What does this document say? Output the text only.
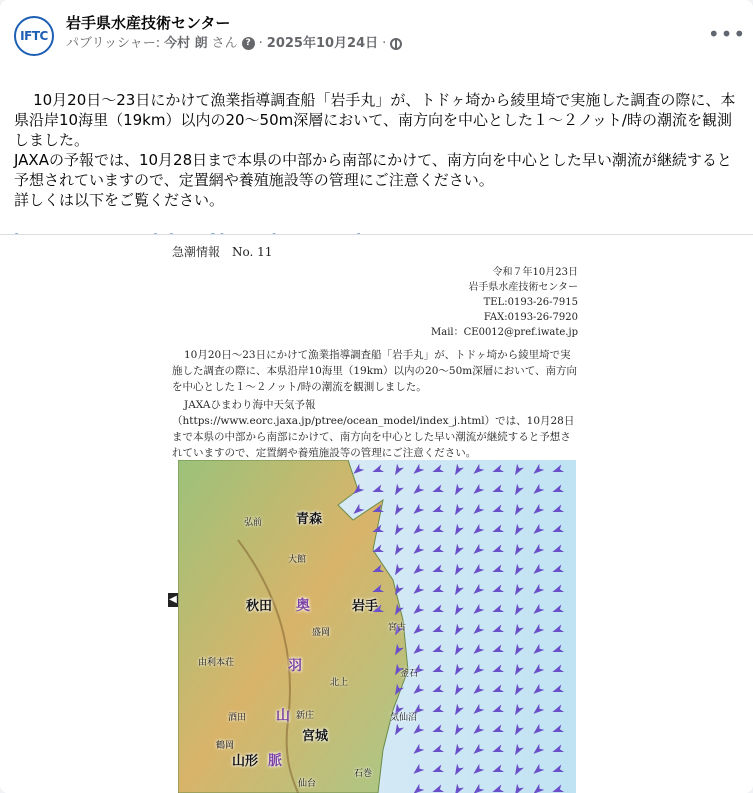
IFTC
岩手県水産技術センター
パブリッシャー: 今村 朗 さん ? · 2025年10月24日 ·	•••

10月20日～23日にかけて漁業指導調査船「岩手丸」が、トドヶ埼から綾里埼で実施した調査の際に、本県沿岸10海里（19km）以内の20～50m深層において、南方向を中心とした１～２ノット/時の潮流を観測しました。
JAXAの予報では、10月28日まで本県の中部から南部にかけて、南方向を中心とした早い潮流が継続すると予想されていますので、定置網や養殖施設等の管理にご注意ください。
詳しくは以下をご覧ください。

急潮情報　No. 11
令和７年10月23日
岩手県水産技術センター
TEL:0193-26-7915
FAX:0193-26-7920
Mail：CE0012@pref.iwate.jp

10月20日～23日にかけて漁業指導調査船「岩手丸」が、トドヶ埼から綾里埼で実施した調査の際に、本県沿岸10海里（19km）以内の20～50m深層において、南方向を中心とした１～２ノット/時の潮流を観測しました。

JAXAひまわり海中天気予報（https://www.eorc.jaxa.jp/ptree/ocean_model/index_j.html）では、10月28日まで本県の中部から南部にかけて、南方向を中心とした早い潮流が継続すると予想されていますので、定置網や養殖施設等の管理にご注意ください。

青森
弘前
大館
秋田	岩手
盛岡	宮古
由利本荘
釜石
北上
酒田	気仙沼
新庄
宮城
鶴岡
山形
仙台
石巻
奥
羽
山
脈
◀
